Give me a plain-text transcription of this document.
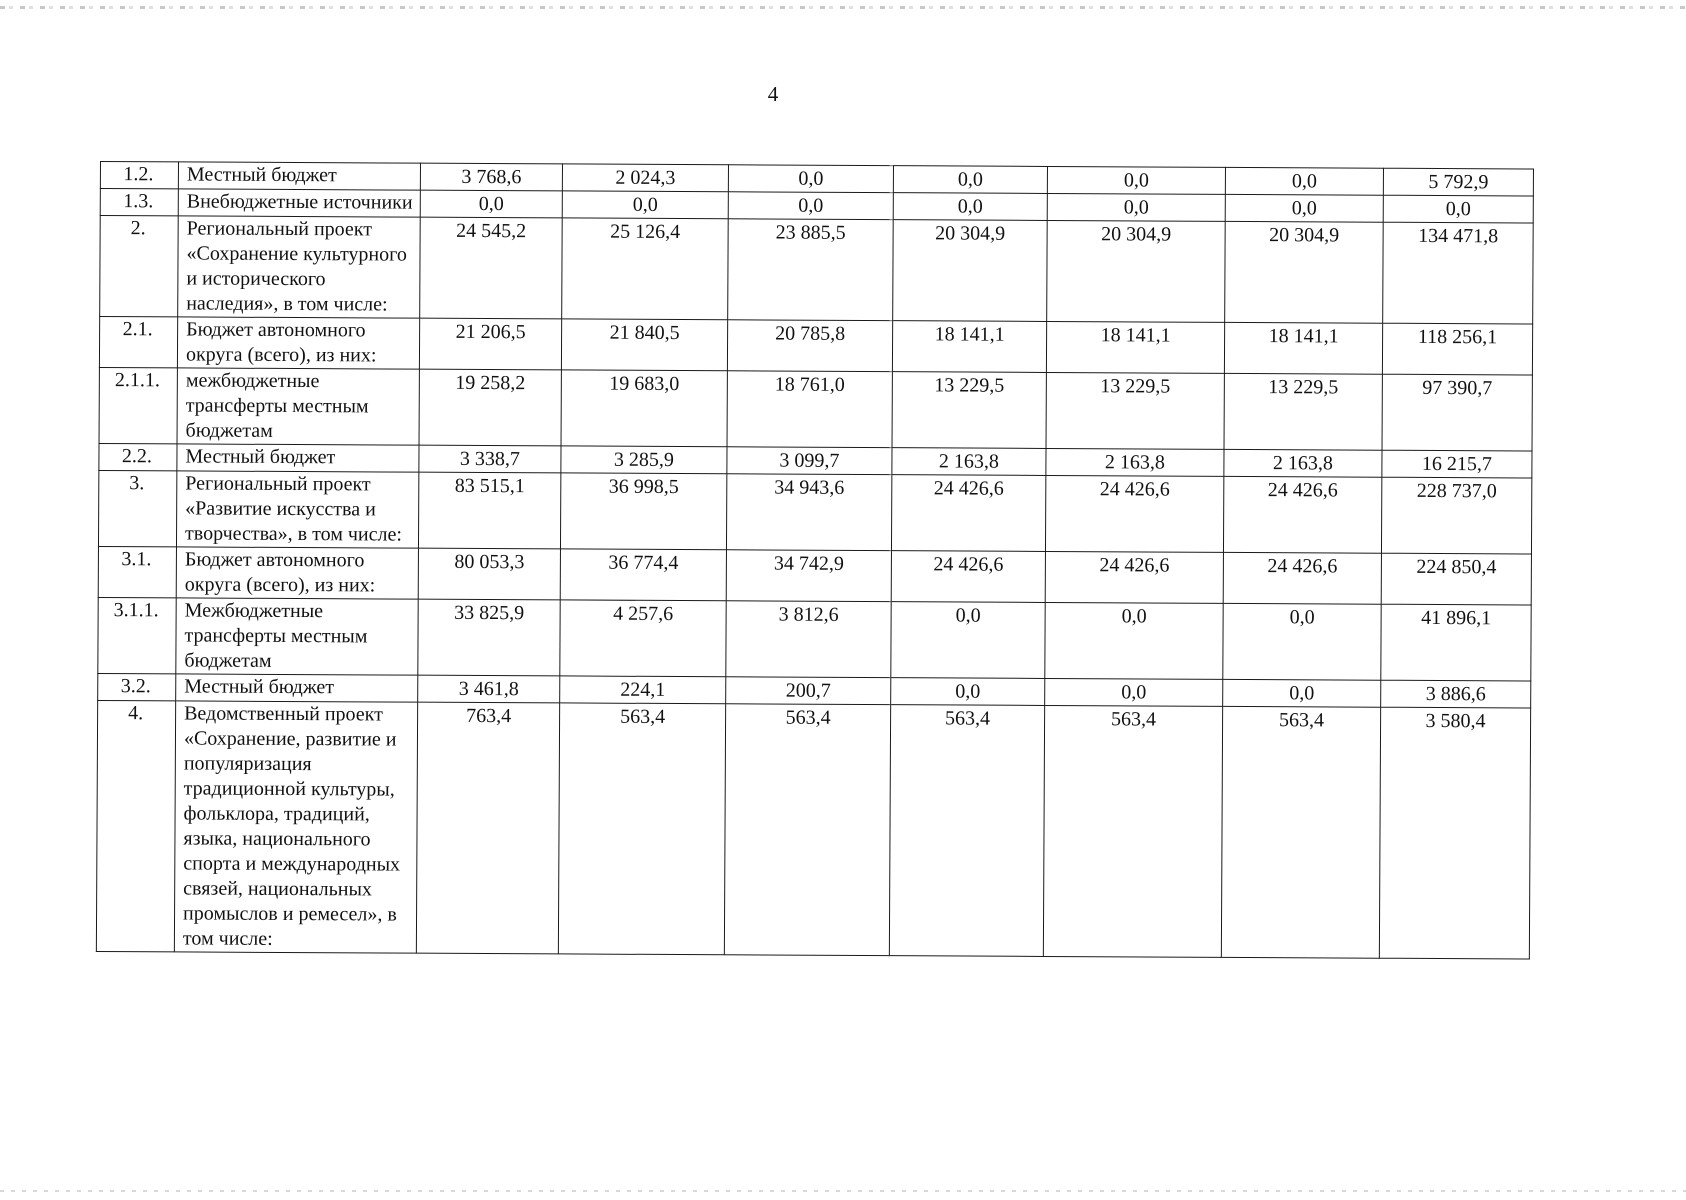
4
1.2.	Местный бюджет	3 768,6	2 024,3	0,0	0,0	0,0	0,0	5 792,9
1.3.	Внебюджетные источники	0,0	0,0	0,0	0,0	0,0	0,0	0,0
2.	Региональный проект «Сохранение культурного и исторического наследия», в том числе:	24 545,2	25 126,4	23 885,5	20 304,9	20 304,9	20 304,9	134 471,8
2.1.	Бюджет автономного округа (всего), из них:	21 206,5	21 840,5	20 785,8	18 141,1	18 141,1	18 141,1	118 256,1
2.1.1.	межбюджетные трансферты местным бюджетам	19 258,2	19 683,0	18 761,0	13 229,5	13 229,5	13 229,5	97 390,7
2.2.	Местный бюджет	3 338,7	3 285,9	3 099,7	2 163,8	2 163,8	2 163,8	16 215,7
3.	Региональный проект «Развитие искусства и творчества», в том числе:	83 515,1	36 998,5	34 943,6	24 426,6	24 426,6	24 426,6	228 737,0
3.1.	Бюджет автономного округа (всего), из них:	80 053,3	36 774,4	34 742,9	24 426,6	24 426,6	24 426,6	224 850,4
3.1.1.	Межбюджетные трансферты местным бюджетам	33 825,9	4 257,6	3 812,6	0,0	0,0	0,0	41 896,1
3.2.	Местный бюджет	3 461,8	224,1	200,7	0,0	0,0	0,0	3 886,6
4.	Ведомственный проект «Сохранение, развитие и популяризация традиционной культуры, фольклора, традиций, языка, национального спорта и международных связей, национальных промыслов и ремесел», в том числе:	763,4	563,4	563,4	563,4	563,4	563,4	3 580,4
